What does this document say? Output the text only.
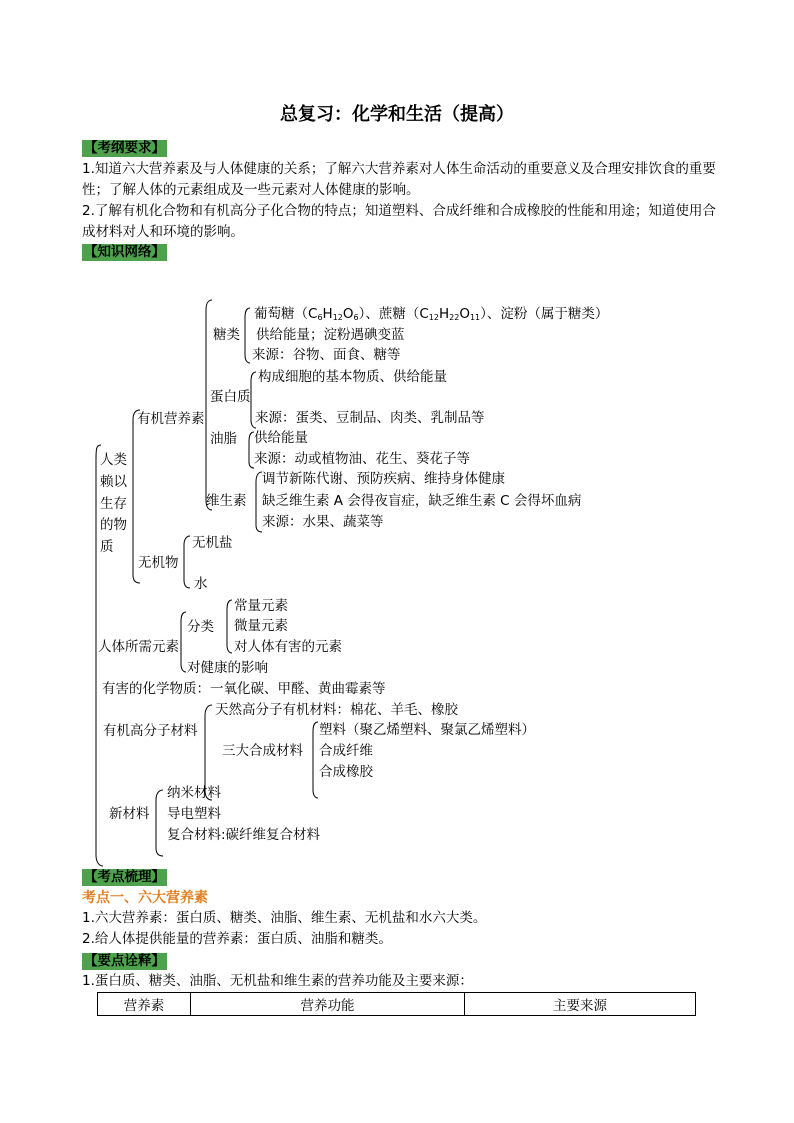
总复习：化学和生活（提高）
【考纲要求】
1.知道六大营养素及与人体健康的关系；了解六大营养素对人体生命活动的重要意义及合理安排饮食的重要性；了解人体的元素组成及一些元素对人体健康的影响。
2.了解有机化合物和有机高分子化合物的特点；知道塑料、合成纤维和合成橡胶的性能和用途；知道使用合成材料对人和环境的影响。
【知识网络】
人类
赖以
生存
的物
质
有机营养素
糖类
葡萄糖$(C_6H_{12}O_6)$、蔗糖$(C_{12}H_{22}O_{11})$、淀粉（属于糖类）
供给能量；淀粉遇碘变蓝
来源：谷物、面食、糖等
蛋白质
构成细胞的基本物质、供给能量
来源：蛋类、豆制品、肉类、乳制品等
油脂 供给能量
来源：动或植物油、花生、葵花子等
维生素
调节新陈代谢、预防疾病、维持身体健康
缺乏维生素 A 会得夜盲症，缺乏维生素 C 会得坏血病
来源：水果、蔬菜等
无机物
无机盐
水
人体所需元素
分类
常量元素
微量元素
对人体有害的元素
对健康的影响
有害的化学物质：一氧化碳、甲醛、黄曲霉素等
有机高分子材料
天然高分子有机材料：棉花、羊毛、橡胶
三大合成材料
塑料（聚乙烯塑料、聚氯乙烯塑料）
合成纤维
合成橡胶
新材料
纳米材料
导电塑料
复合材料:碳纤维复合材料
【考点梳理】
考点一、六大营养素
1.六大营养素：蛋白质、糖类、油脂、维生素、无机盐和水六大类。
2.给人体提供能量的营养素：蛋白质、油脂和糖类。
【要点诠释】
1.蛋白质、糖类、油脂、无机盐和维生素的营养功能及主要来源：
营养素	营养功能	主要来源
